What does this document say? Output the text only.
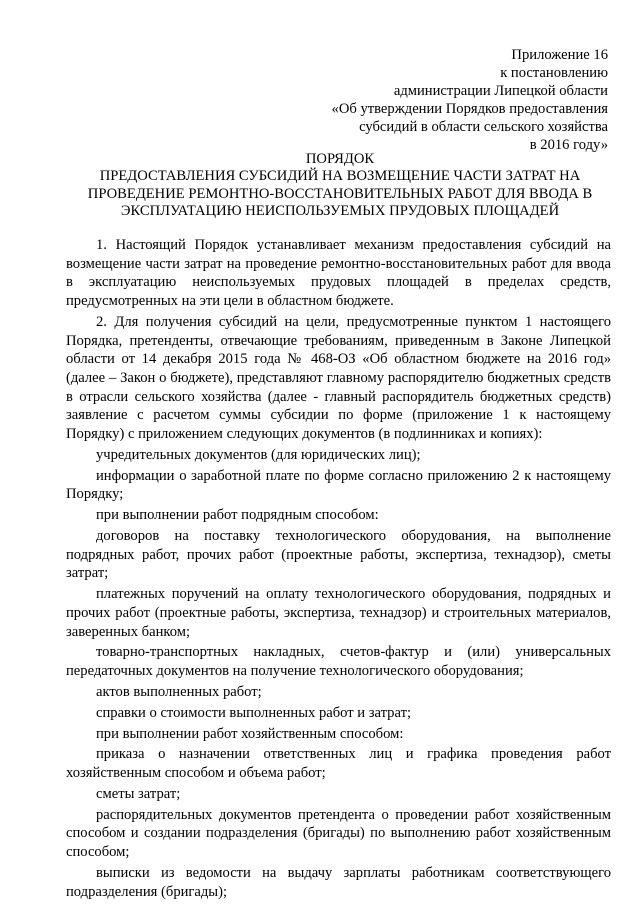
Приложение 16
к постановлению
администрации Липецкой области
«Об утверждении Порядков предоставления
субсидий в области сельского хозяйства
в 2016 году»
ПОРЯДОК
ПРЕДОСТАВЛЕНИЯ СУБСИДИЙ НА ВОЗМЕЩЕНИЕ ЧАСТИ ЗАТРАТ НА
ПРОВЕДЕНИЕ РЕМОНТНО-ВОССТАНОВИТЕЛЬНЫХ РАБОТ ДЛЯ ВВОДА В
ЭКСПЛУАТАЦИЮ НЕИСПОЛЬЗУЕМЫХ ПРУДОВЫХ ПЛОЩАДЕЙ

1. Настоящий Порядок устанавливает механизм предоставления субсидий на возмещение части затрат на проведение ремонтно-восстановительных работ для ввода в эксплуатацию неиспользуемых прудовых площадей в пределах средств, предусмотренных на эти цели в областном бюджете.

2. Для получения субсидий на цели, предусмотренные пунктом 1 настоящего Порядка, претенденты, отвечающие требованиям, приведенным в Законе Липецкой области от 14 декабря 2015 года № 468-ОЗ «Об областном бюджете на 2016 год» (далее – Закон о бюджете), представляют главному распорядителю бюджетных средств в отрасли сельского хозяйства (далее - главный распорядитель бюджетных средств) заявление с расчетом суммы субсидии по форме (приложение 1 к настоящему Порядку) с приложением следующих документов (в подлинниках и копиях):

учредительных документов (для юридических лиц);

информации о заработной плате по форме согласно приложению 2 к настоящему Порядку;

при выполнении работ подрядным способом:

договоров на поставку технологического оборудования, на выполнение подрядных работ, прочих работ (проектные работы, экспертиза, технадзор), сметы затрат;

платежных поручений на оплату технологического оборудования, подрядных и прочих работ (проектные работы, экспертиза, технадзор) и строительных материалов, заверенных банком;

товарно-транспортных накладных, счетов-фактур и (или) универсальных передаточных документов на получение технологического оборудования;

актов выполненных работ;

справки о стоимости выполненных работ и затрат;

при выполнении работ хозяйственным способом:

приказа о назначении ответственных лиц и графика проведения работ хозяйственным способом и объема работ;

сметы затрат;

распорядительных документов претендента о проведении работ хозяйственным способом и создании подразделения (бригады) по выполнению работ хозяйственным способом;

выписки из ведомости на выдачу зарплаты работникам соответствующего подразделения (бригады);
